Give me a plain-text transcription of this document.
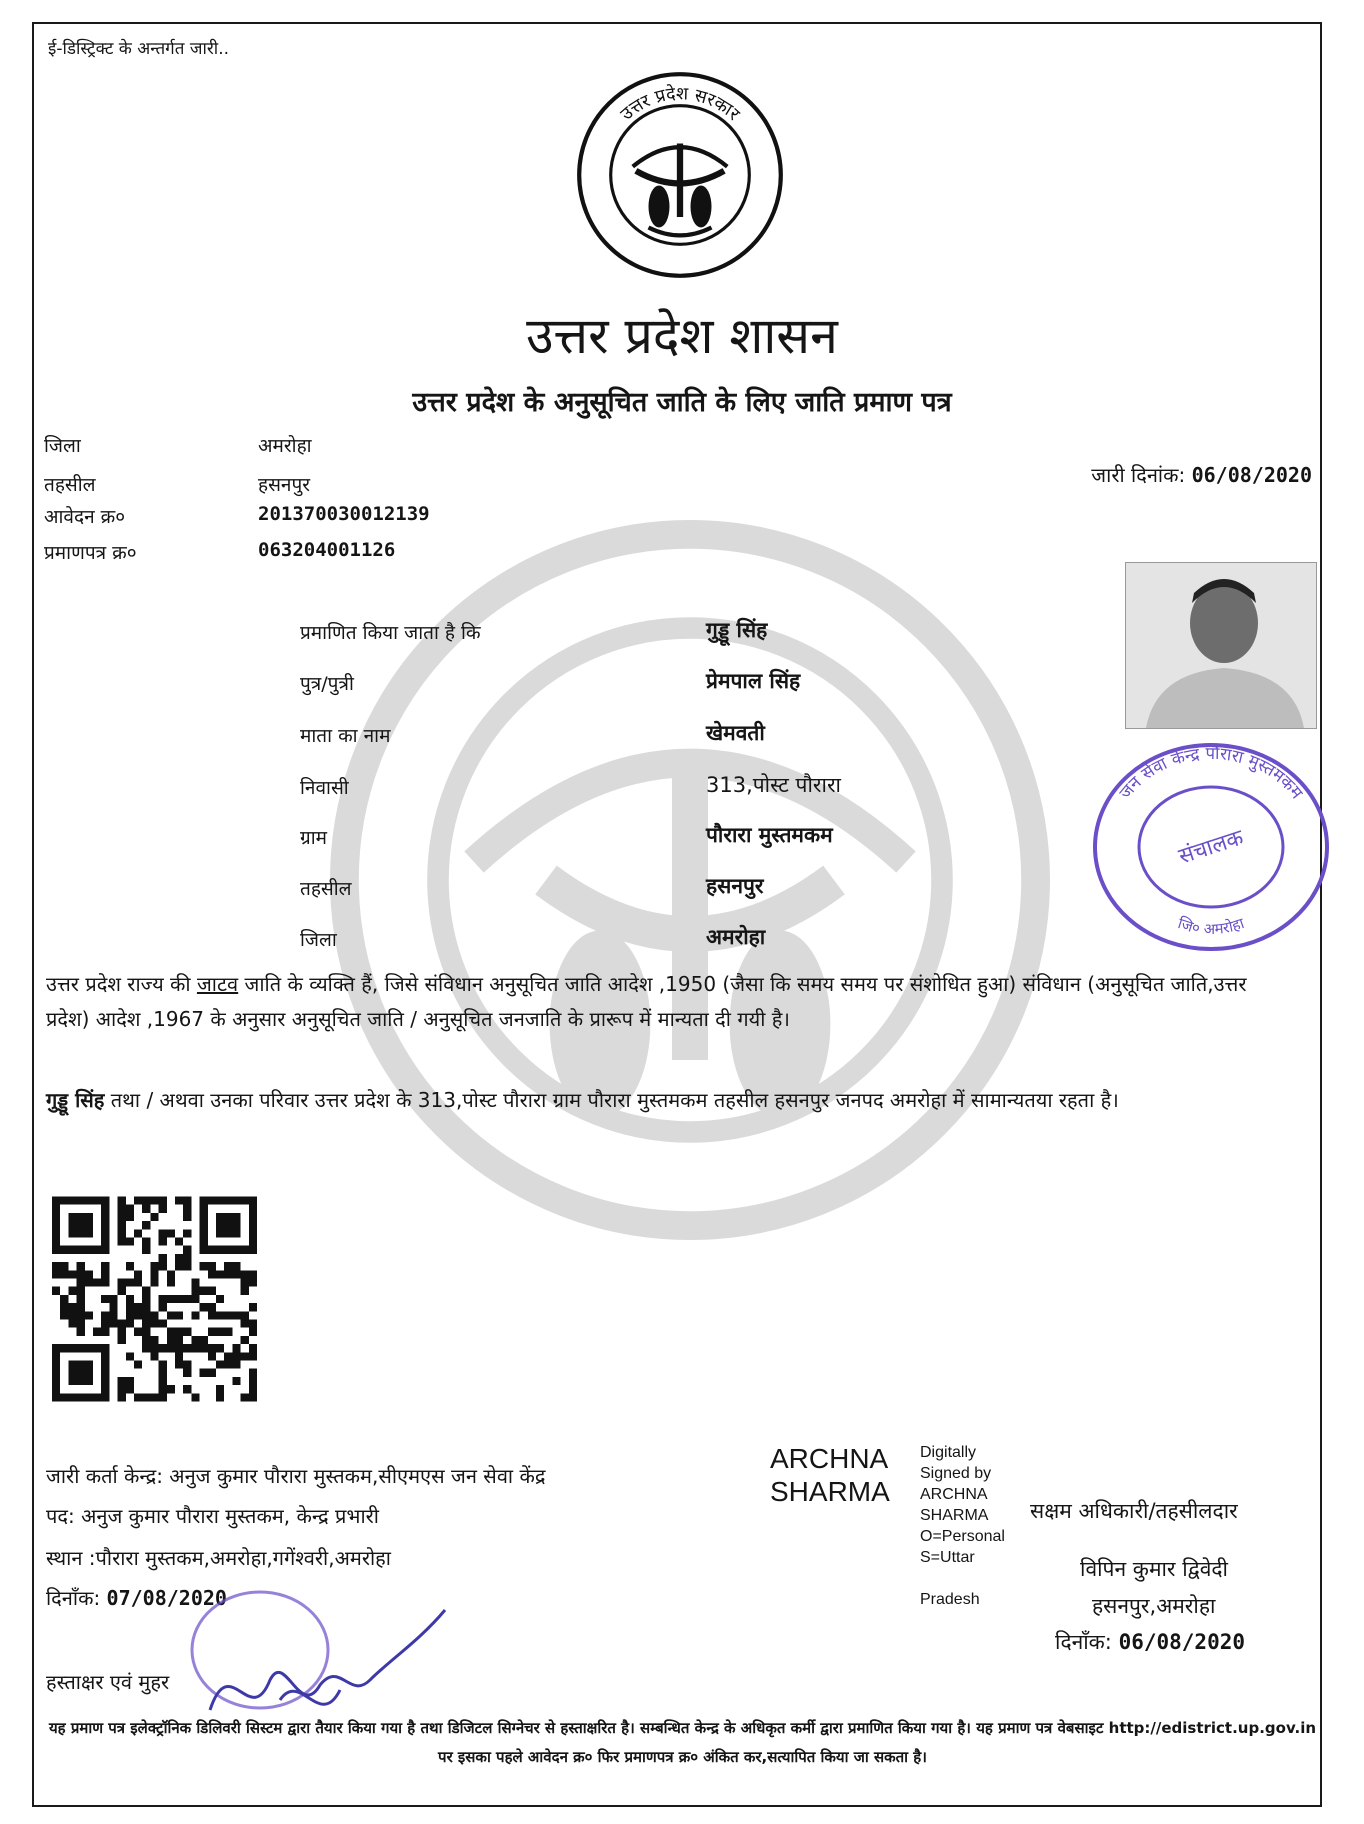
ई-डिस्ट्रिक्ट के अन्तर्गत जारी..
उत्तर प्रदेश सरकार
उत्तर प्रदेश शासन
उत्तर प्रदेश के अनुसूचित जाति के लिए जाति प्रमाण पत्र
जिला	अमरोहा
तहसील	हसनपुर
आवेदन क्र०	201370030012139
प्रमाणपत्र क्र०	063204001126
जारी दिनांक: 06/08/2020
जन सेवा केन्द्र पौरारा मुस्तमकम
जि० अमरोहा
संचालक
प्रमाणित किया जाता है कि	गुड्डू सिंह
पुत्र/पुत्री	प्रेमपाल सिंह
माता का नाम	खेमवती
निवासी	313,पोस्ट पौरारा
ग्राम	पौरारा मुस्तमकम
तहसील	हसनपुर
जिला	अमरोहा
उत्तर प्रदेश राज्य की जाटव जाति के व्यक्ति हैं, जिसे संविधान अनुसूचित जाति आदेश ,1950 (जैसा कि समय समय पर संशोधित हुआ) संविधान (अनुसूचित जाति,उत्तर प्रदेश) आदेश ,1967 के अनुसार अनुसूचित जाति / अनुसूचित जनजाति के प्रारूप में मान्यता दी गयी है।
गुड्डू सिंह तथा / अथवा उनका परिवार उत्तर प्रदेश के 313,पोस्ट पौरारा ग्राम पौरारा मुस्तमकम तहसील हसनपुर जनपद अमरोहा में सामान्यतया रहता है।
जारी कर्ता केन्द्र: अनुज कुमार पौरारा मुस्तकम,सीएमएस जन सेवा केंद्र
पद: अनुज कुमार पौरारा मुस्तकम, केन्द्र प्रभारी
स्थान :पौरारा मुस्तकम,अमरोहा,गगेंश्वरी,अमरोहा
दिनाँक: 07/08/2020
हस्ताक्षर एवं मुहर
ARCHNA
SHARMA
Digitally
Signed by
ARCHNA
SHARMA
O=Personal
S=Uttar

Pradesh
सक्षम अधिकारी/तहसीलदार
विपिन कुमार द्विवेदी
हसनपुर,अमरोहा
दिनाँक: 06/08/2020
यह प्रमाण पत्र इलेक्ट्रॉनिक डिलिवरी सिस्टम द्वारा तैयार किया गया है तथा डिजिटल सिग्नेचर से हस्ताक्षरित है। सम्बन्धित केन्द्र के अधिकृत कर्मी द्वारा प्रमाणित किया गया है। यह प्रमाण पत्र वेबसाइट http://edistrict.up.gov.in पर इसका पहले आवेदन क्र० फिर प्रमाणपत्र क्र० अंकित कर,सत्यापित किया जा सकता है।
